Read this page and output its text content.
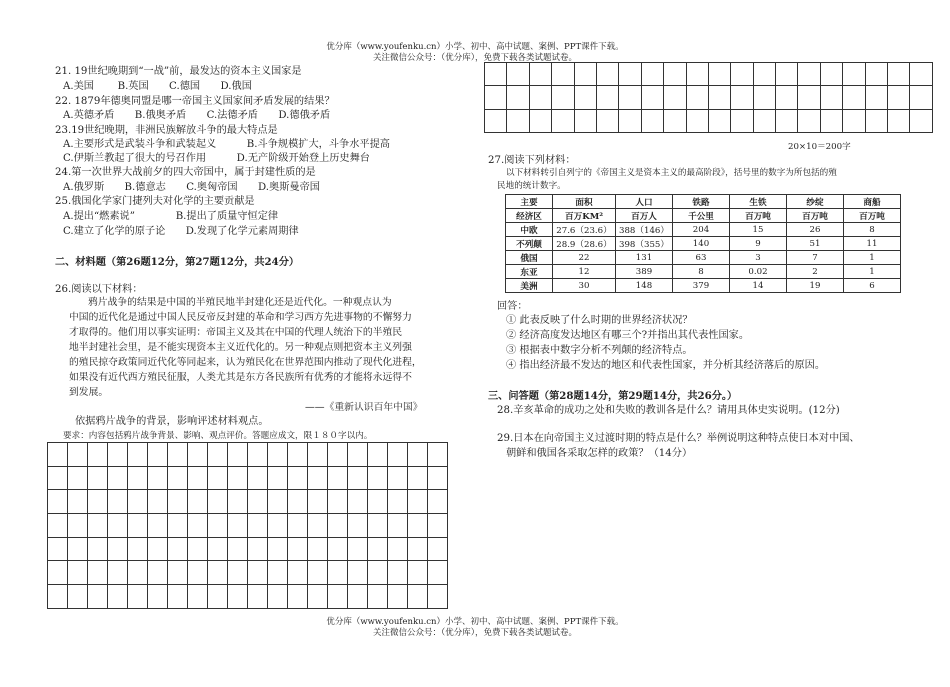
优分库（www.youfenku.cn）小学、初中、高中试题、案例、PPT课件下载。
关注微信公众号：（优分库），免费下载各类试题试卷。
21. 19世纪晚期到“一战”前，最发达的资本主义国家是
A.美国　　 B.英国　　C.德国　　D.俄国
22. 1879年德奥同盟是哪一帝国主义国家间矛盾发展的结果？
A.英德矛盾　　B.俄奥矛盾　　C.法德矛盾　　D.德俄矛盾
23.19世纪晚期，非洲民族解放斗争的最大特点是
A.主要形式是武装斗争和武装起义　　　B.斗争规模扩大，斗争水平提高
C.伊斯兰教起了很大的号召作用　　　D.无产阶级开始登上历史舞台
24.第一次世界大战前夕的四大帝国中，属于封建性质的是
A.俄罗斯　　B.德意志　　C.奥匈帝国　　D.奥斯曼帝国
25.俄国化学家门捷列夫对化学的主要贡献是
A.提出“燃素说”　　　　B.提出了质量守恒定律
C.建立了化学的原子论　　D.发现了化学元素周期律
二、材料题（第26题12分，第27题12分，共24分）
26.阅读以下材料：
鸦片战争的结果是中国的半殖民地半封建化还是近代化。一种观点认为
中国的近代化是通过中国人民反帝反封建的革命和学习西方先进事物的不懈努力
才取得的。他们用以事实证明：帝国主义及其在中国的代理人统治下的半殖民
地半封建社会里，是不能实现资本主义近代化的。另一种观点则把资本主义列强
的殖民掠夺政策同近代化等同起来，认为殖民化在世界范围内推动了现代化进程，
如果没有近代西方殖民征服，人类尤其是东方各民族所有优秀的才能将永远得不
到发展。
——《重新认识百年中国》
依据鸦片战争的背景，影响评述材料观点。
要求：内容包括鸦片战争背景、影响、观点评价。答题应成文，限１８０字以内。

20×10＝200字
27.阅读下列材料：
以下材料转引自列宁的《帝国主义是资本主义的最高阶段》，括号里的数字为所包括的殖
民地的统计数字。
主要	面积	人口	铁路	生铁	纱绽	商船
经济区	百万KM²	百万人	千公里	百万吨	百万吨	百万吨
中欧	27.6（23.6）	388（146）	204	15	26	8
不列颠	28.9（28.6）	398（355）	140	9	51	11
俄国	22	131	63	3	7	1
东亚	12	389	8	0.02	2	1
美洲	30	148	379	14	19	6
回答：
① 此表反映了什么时期的世界经济状况？
② 经济高度发达地区有哪三个?并指出其代表性国家。
③ 根据表中数字分析不列颠的经济特点。
④ 指出经济最不发达的地区和代表性国家，并分析其经济落后的原因。
三、问答题（第28题14分，第29题14分，共26分。）
28.辛亥革命的成功之处和失败的教训各是什么？请用具体史实说明。(12分)
29.日本在向帝国主义过渡时期的特点是什么？举例说明这种特点使日本对中国、
朝鲜和俄国各采取怎样的政策？（14分）
优分库（www.youfenku.cn）小学、初中、高中试题、案例、PPT课件下载。
关注微信公众号：（优分库），免费下载各类试题试卷。
